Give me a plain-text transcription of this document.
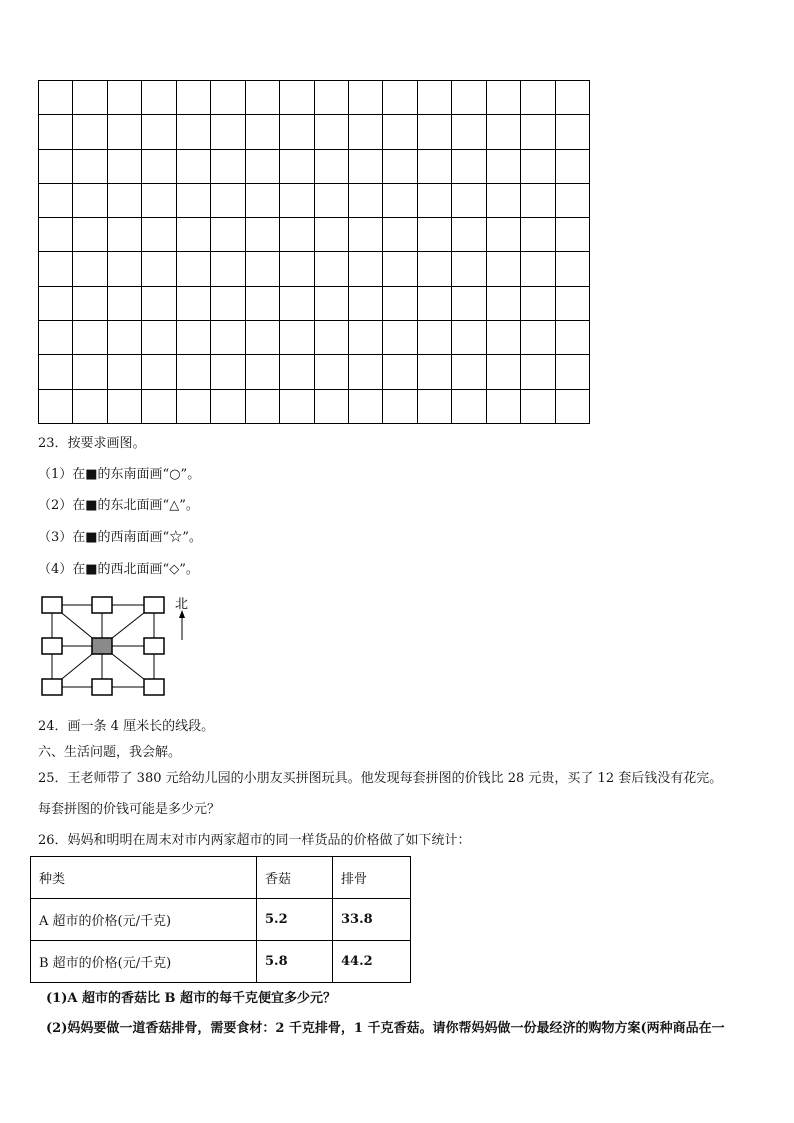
23．按要求画图。
（1）在■的东南面画“○”。
（2）在■的东北面画“△”。
（3）在■的西南面画“☆”。
（4）在■的西北面画“◇”。
北
24．画一条 4 厘米长的线段。
六、生活问题，我会解。
25．王老师带了 380 元给幼儿园的小朋友买拼图玩具。他发现每套拼图的价钱比 28 元贵，买了 12 套后钱没有花完。
每套拼图的价钱可能是多少元？
26．妈妈和明明在周末对市内两家超市的同一样货品的价格做了如下统计：
种类	香菇	排骨
A 超市的价格(元/千克)	5.2	33.8
B 超市的价格(元/千克)	5.8	44.2
(1)A 超市的香菇比 B 超市的每千克便宜多少元？
(2)妈妈要做一道香菇排骨，需要食材：2 千克排骨，1 千克香菇。请你帮妈妈做一份最经济的购物方案(两种商品在一
